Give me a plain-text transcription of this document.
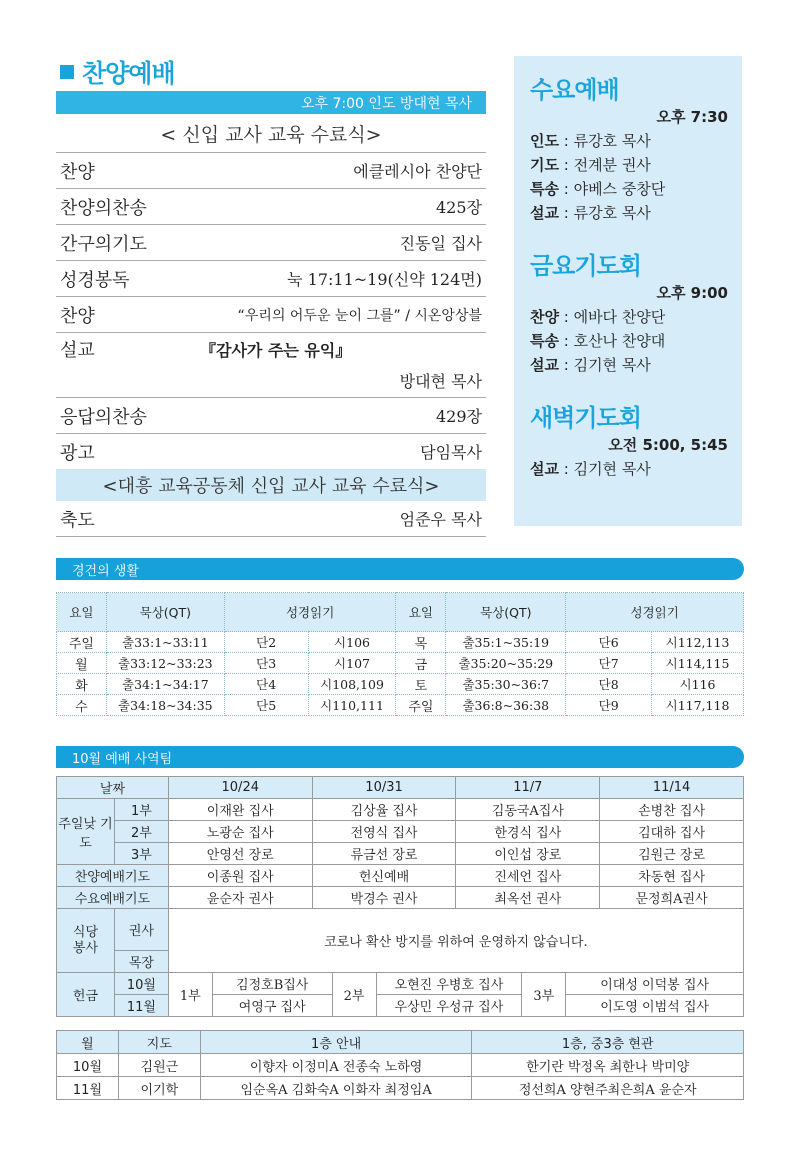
찬양예배
오후 7:00 인도 방대현 목사
< 신입 교사 교육 수료식>
찬양	에클레시아 찬양단
찬양의찬송	425장
간구의기도	진동일 집사
성경봉독	눅 17:11~19(신약 124면)
찬양	“우리의 어두운 눈이 그를” / 시온앙상블
설교	『감사가 주는 유익』
방대현 목사
응답의찬송	429장
광고	담임목사
<대흥 교육공동체 신입 교사 교육 수료식>
축도	엄준우 목사
수요예배
오후 7:30
인도 : 류강호 목사
기도 : 전계분 권사
특송 : 야베스 중창단
설교 : 류강호 목사
금요기도회
오후 9:00
찬양 : 에바다 찬양단
특송 : 호산나 찬양대
설교 : 김기현 목사
새벽기도회
오전 5:00, 5:45
설교 : 김기현 목사
경건의 생활
요일	묵상(QT)	성경읽기		요일	묵상(QT)	성경읽기	
주일	출33:1~33:11	단2	시106	목	출35:1~35:19	단6	시112,113
월	출33:12~33:23	단3	시107	금	출35:20~35:29	단7	시114,115
화	출34:1~34:17	단4	시108,109	토	출35:30~36:7	단8	시116
수	출34:18~34:35	단5	시110,111	주일	출36:8~36:38	단9	시117,118
10월 예배 사역팀
날짜		10/24	10/31	11/7	11/14
주일낮 기도	1부	이재완 집사	김상율 집사	김동국A집사	손병찬 집사
	2부	노광순 집사	전영식 집사	한경식 집사	김대하 집사
	3부	안영선 장로	류금선 장로	이인섭 장로	김원근 장로
찬양예배기도		이종원 집사	헌신예배	진세언 집사	차동현 집사
수요예배기도		윤순자 권사	박경수 권사	최옥선 권사	문정희A권사
식당 봉사	권사	코로나 확산 방지를 위하여 운영하지 않습니다.			
	목장				
헌금	10월	1부	김정호B집사	2부	오현진 우병호 집사	3부	이대성 이덕봉 집사
	11월		여영구 집사		우상민 우성규 집사		이도영 이범석 집사
월	지도	1층 안내	1층, 중3층 현관
10월	김원근	이향자 이정미A 전종숙 노하영	한기란 박정옥 최한나 박미양
11월	이기학	임순옥A 김화숙A 이화자 최정임A	정선희A 양현주최은희A 윤순자
